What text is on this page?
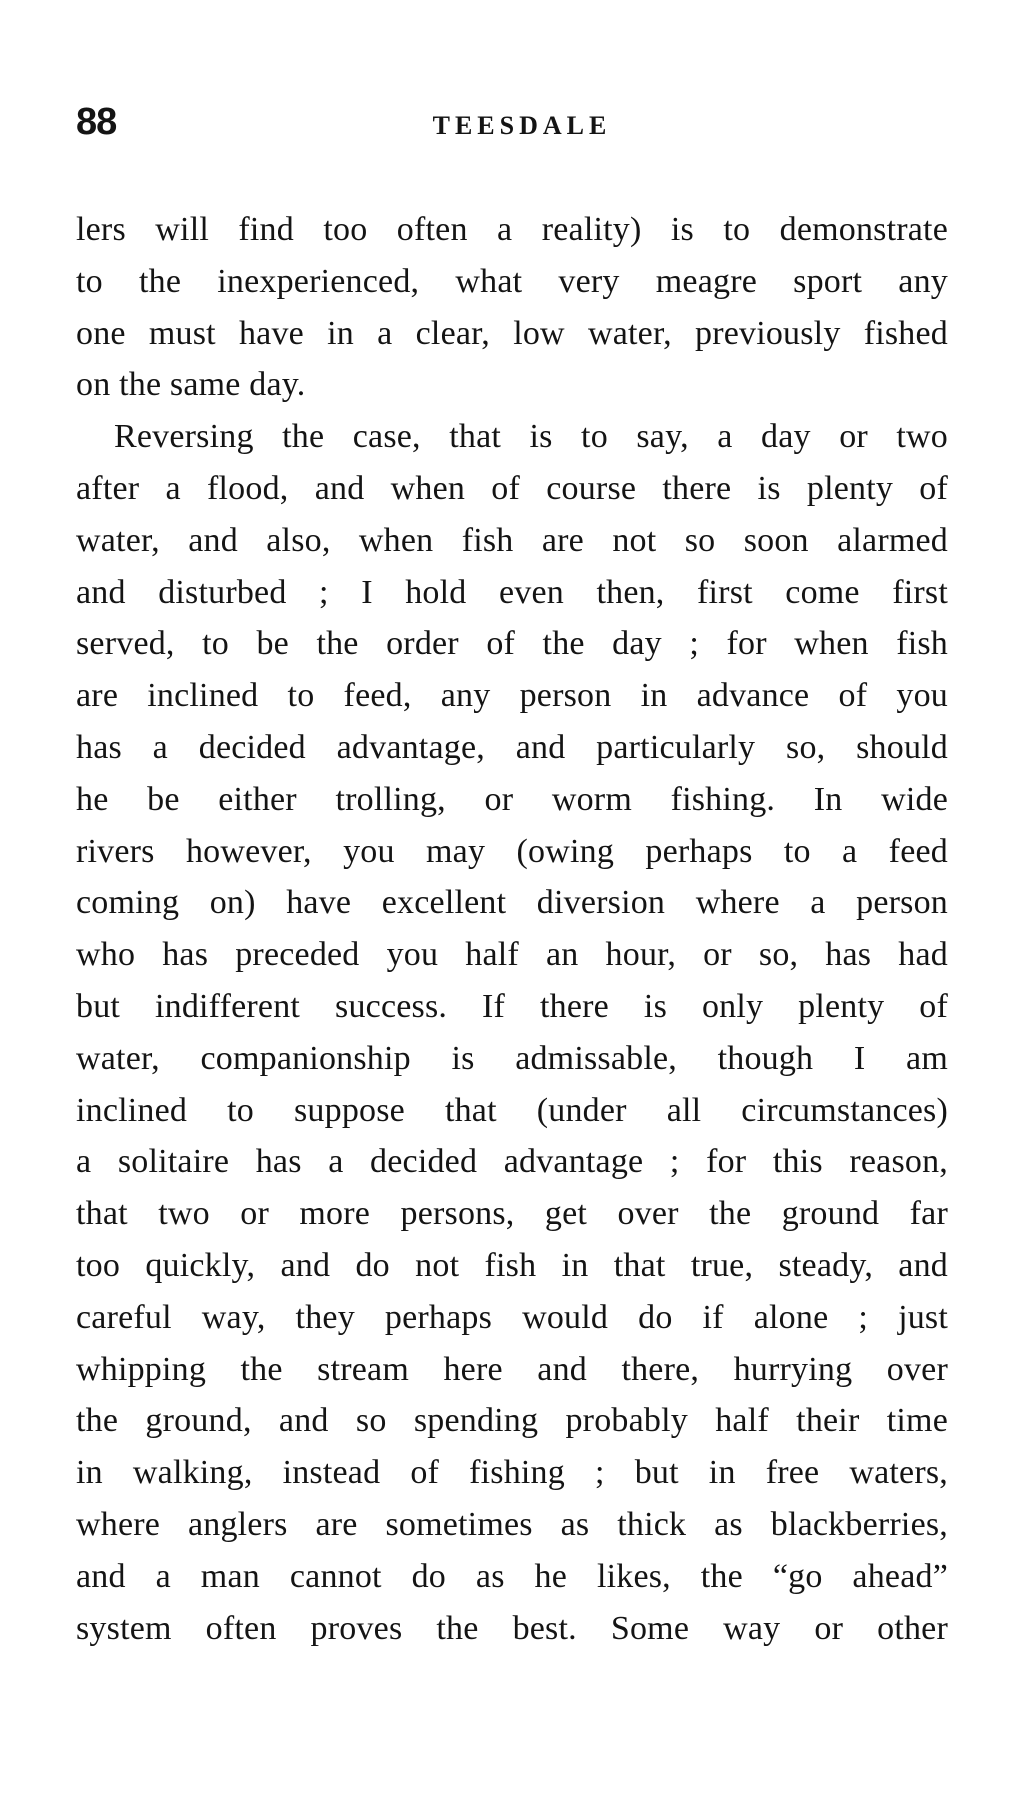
88	TEESDALE
lers will find too often a reality) is to demonstrate
to the inexperienced, what very meagre sport any
one must have in a clear, low water, previously fished
on the same day.
Reversing the case, that is to say, a day or two
after a flood, and when of course there is plenty of
water, and also, when fish are not so soon alarmed
and disturbed ; I hold even then, first come first
served, to be the order of the day ; for when fish
are inclined to feed, any person in advance of you
has a decided advantage, and particularly so, should
he be either trolling, or worm fishing. In wide
rivers however, you may (owing perhaps to a feed
coming on) have excellent diversion where a person
who has preceded you half an hour, or so, has had
but indifferent success. If there is only plenty of
water, companionship is admissable, though I am
inclined to suppose that (under all circumstances)
a solitaire has a decided advantage ; for this reason,
that two or more persons, get over the ground far
too quickly, and do not fish in that true, steady, and
careful way, they perhaps would do if alone ; just
whipping the stream here and there, hurrying over
the ground, and so spending probably half their time
in walking, instead of fishing ; but in free waters,
where anglers are sometimes as thick as blackberries,
and a man cannot do as he likes, the “go ahead”
system often proves the best. Some way or other
